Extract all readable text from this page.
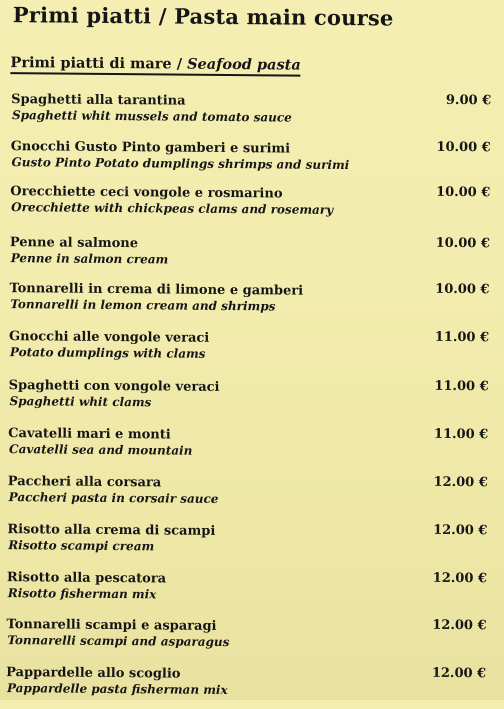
Primi piatti / Pasta main course
Primi piatti di mare / Seafood pasta
Spaghetti alla tarantina
Spaghetti whit mussels and tomato sauce
9.00 €
Gnocchi Gusto Pinto gamberi e surimi
Gusto Pinto Potato dumplings shrimps and surimi
10.00 €
Orecchiette ceci vongole e rosmarino
Orecchiette with chickpeas clams and rosemary
10.00 €
Penne al salmone
Penne in salmon cream
10.00 €
Tonnarelli in crema di limone e gamberi
Tonnarelli in lemon cream and shrimps
10.00 €
Gnocchi alle vongole veraci
Potato dumplings with clams
11.00 €
Spaghetti con vongole veraci
Spaghetti whit clams
11.00 €
Cavatelli mari e monti
Cavatelli sea and mountain
11.00 €
Paccheri alla corsara
Paccheri pasta in corsair sauce
12.00 €
Risotto alla crema di scampi
Risotto scampi cream
12.00 €
Risotto alla pescatora
Risotto fisherman mix
12.00 €
Tonnarelli scampi e asparagi
Tonnarelli scampi and asparagus
12.00 €
Pappardelle allo scoglio
Pappardelle pasta fisherman mix
12.00 €
